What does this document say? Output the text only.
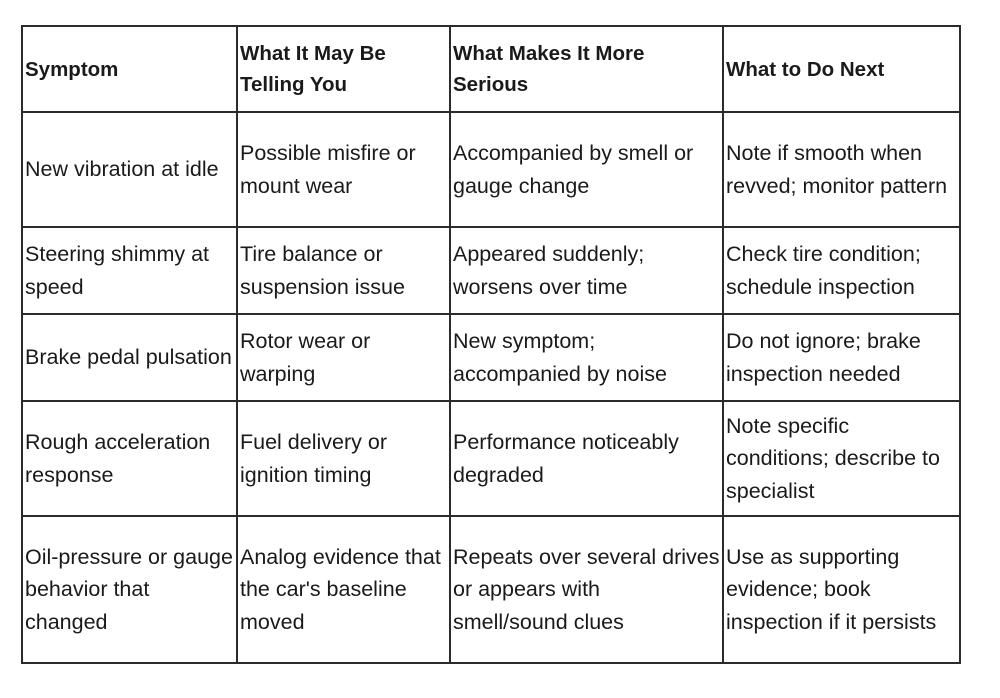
Symptom	What It May Be Telling You	What Makes It More Serious	What to Do Next
New vibration at idle	Possible misfire or mount wear	Accompanied by smell or gauge change	Note if smooth when revved; monitor pattern
Steering shimmy at speed	Tire balance or suspension issue	Appeared suddenly; worsens over time	Check tire condition; schedule inspection
Brake pedal pulsation	Rotor wear or warping	New symptom; accompanied by noise	Do not ignore; brake inspection needed
Rough acceleration response	Fuel delivery or ignition timing	Performance noticeably degraded	Note specific conditions; describe to specialist
Oil-pressure or gauge behavior that changed	Analog evidence that the car's baseline moved	Repeats over several drives or appears with smell/sound clues	Use as supporting evidence; book inspection if it persists
